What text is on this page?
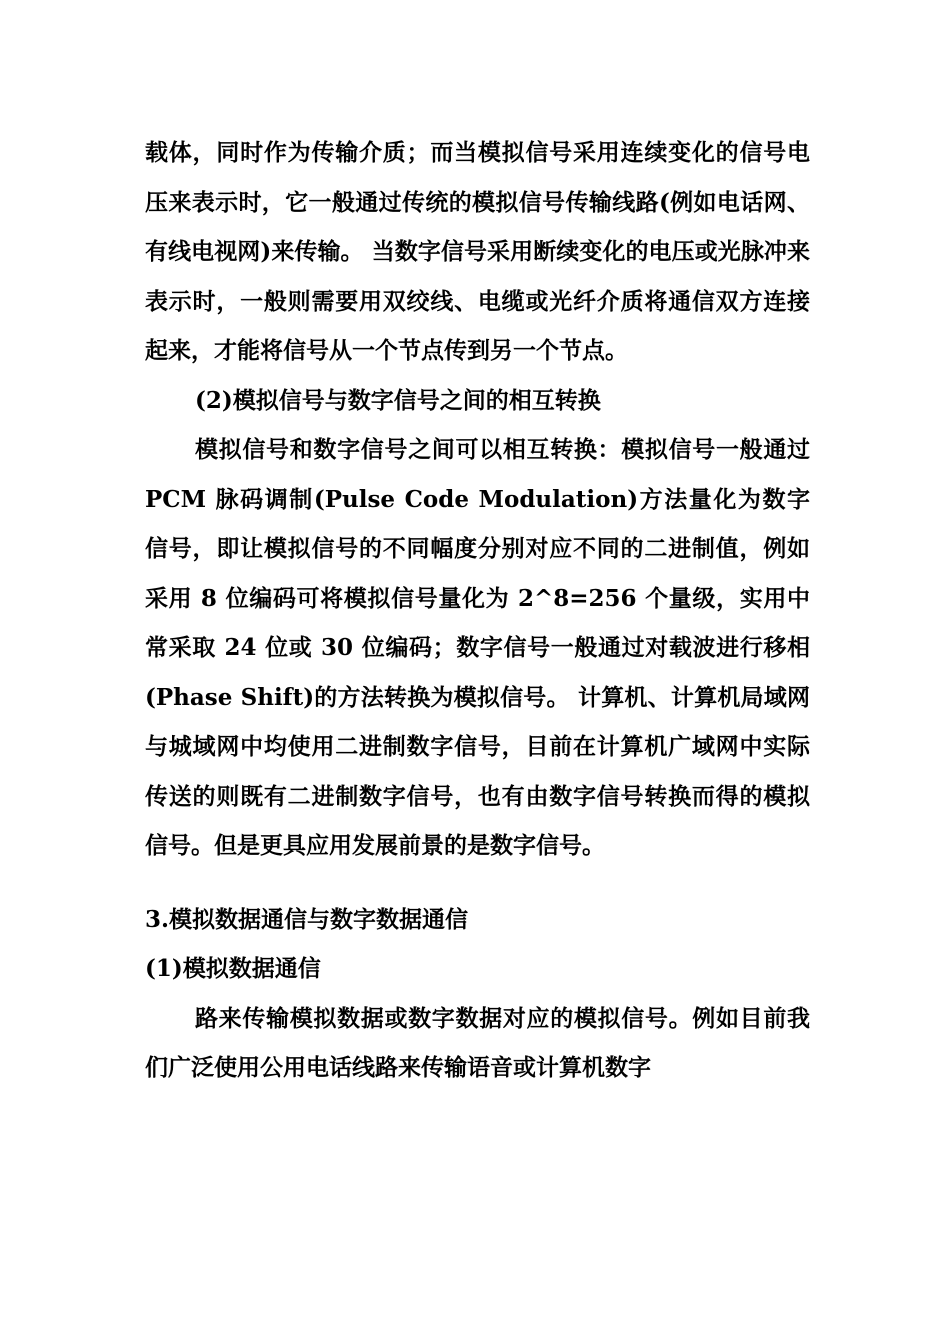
载体，同时作为传输介质；而当模拟信号采用连续变化的信号电压来表示时，它一般通过传统的模拟信号传输线路(例如电话网、有线电视网)来传输。 当数字信号采用断续变化的电压或光脉冲来表示时，一般则需要用双绞线、电缆或光纤介质将通信双方连接起来，才能将信号从一个节点传到另一个节点。

(2)模拟信号与数字信号之间的相互转换

模拟信号和数字信号之间可以相互转换：模拟信号一般通过 PCM 脉码调制(Pulse Code Modulation)方法量化为数字信号，即让模拟信号的不同幅度分别对应不同的二进制值，例如采用 8 位编码可将模拟信号量化为 2^8=256 个量级，实用中常采取 24 位或 30 位编码；数字信号一般通过对载波进行移相(Phase Shift)的方法转换为模拟信号。 计算机、计算机局域网与城域网中均使用二进制数字信号，目前在计算机广域网中实际传送的则既有二进制数字信号，也有由数字信号转换而得的模拟信号。但是更具应用发展前景的是数字信号。

3.模拟数据通信与数字数据通信

(1)模拟数据通信

路来传输模拟数据或数字数据对应的模拟信号。例如目前我们广泛使用公用电话线路来传输语音或计算机数字
